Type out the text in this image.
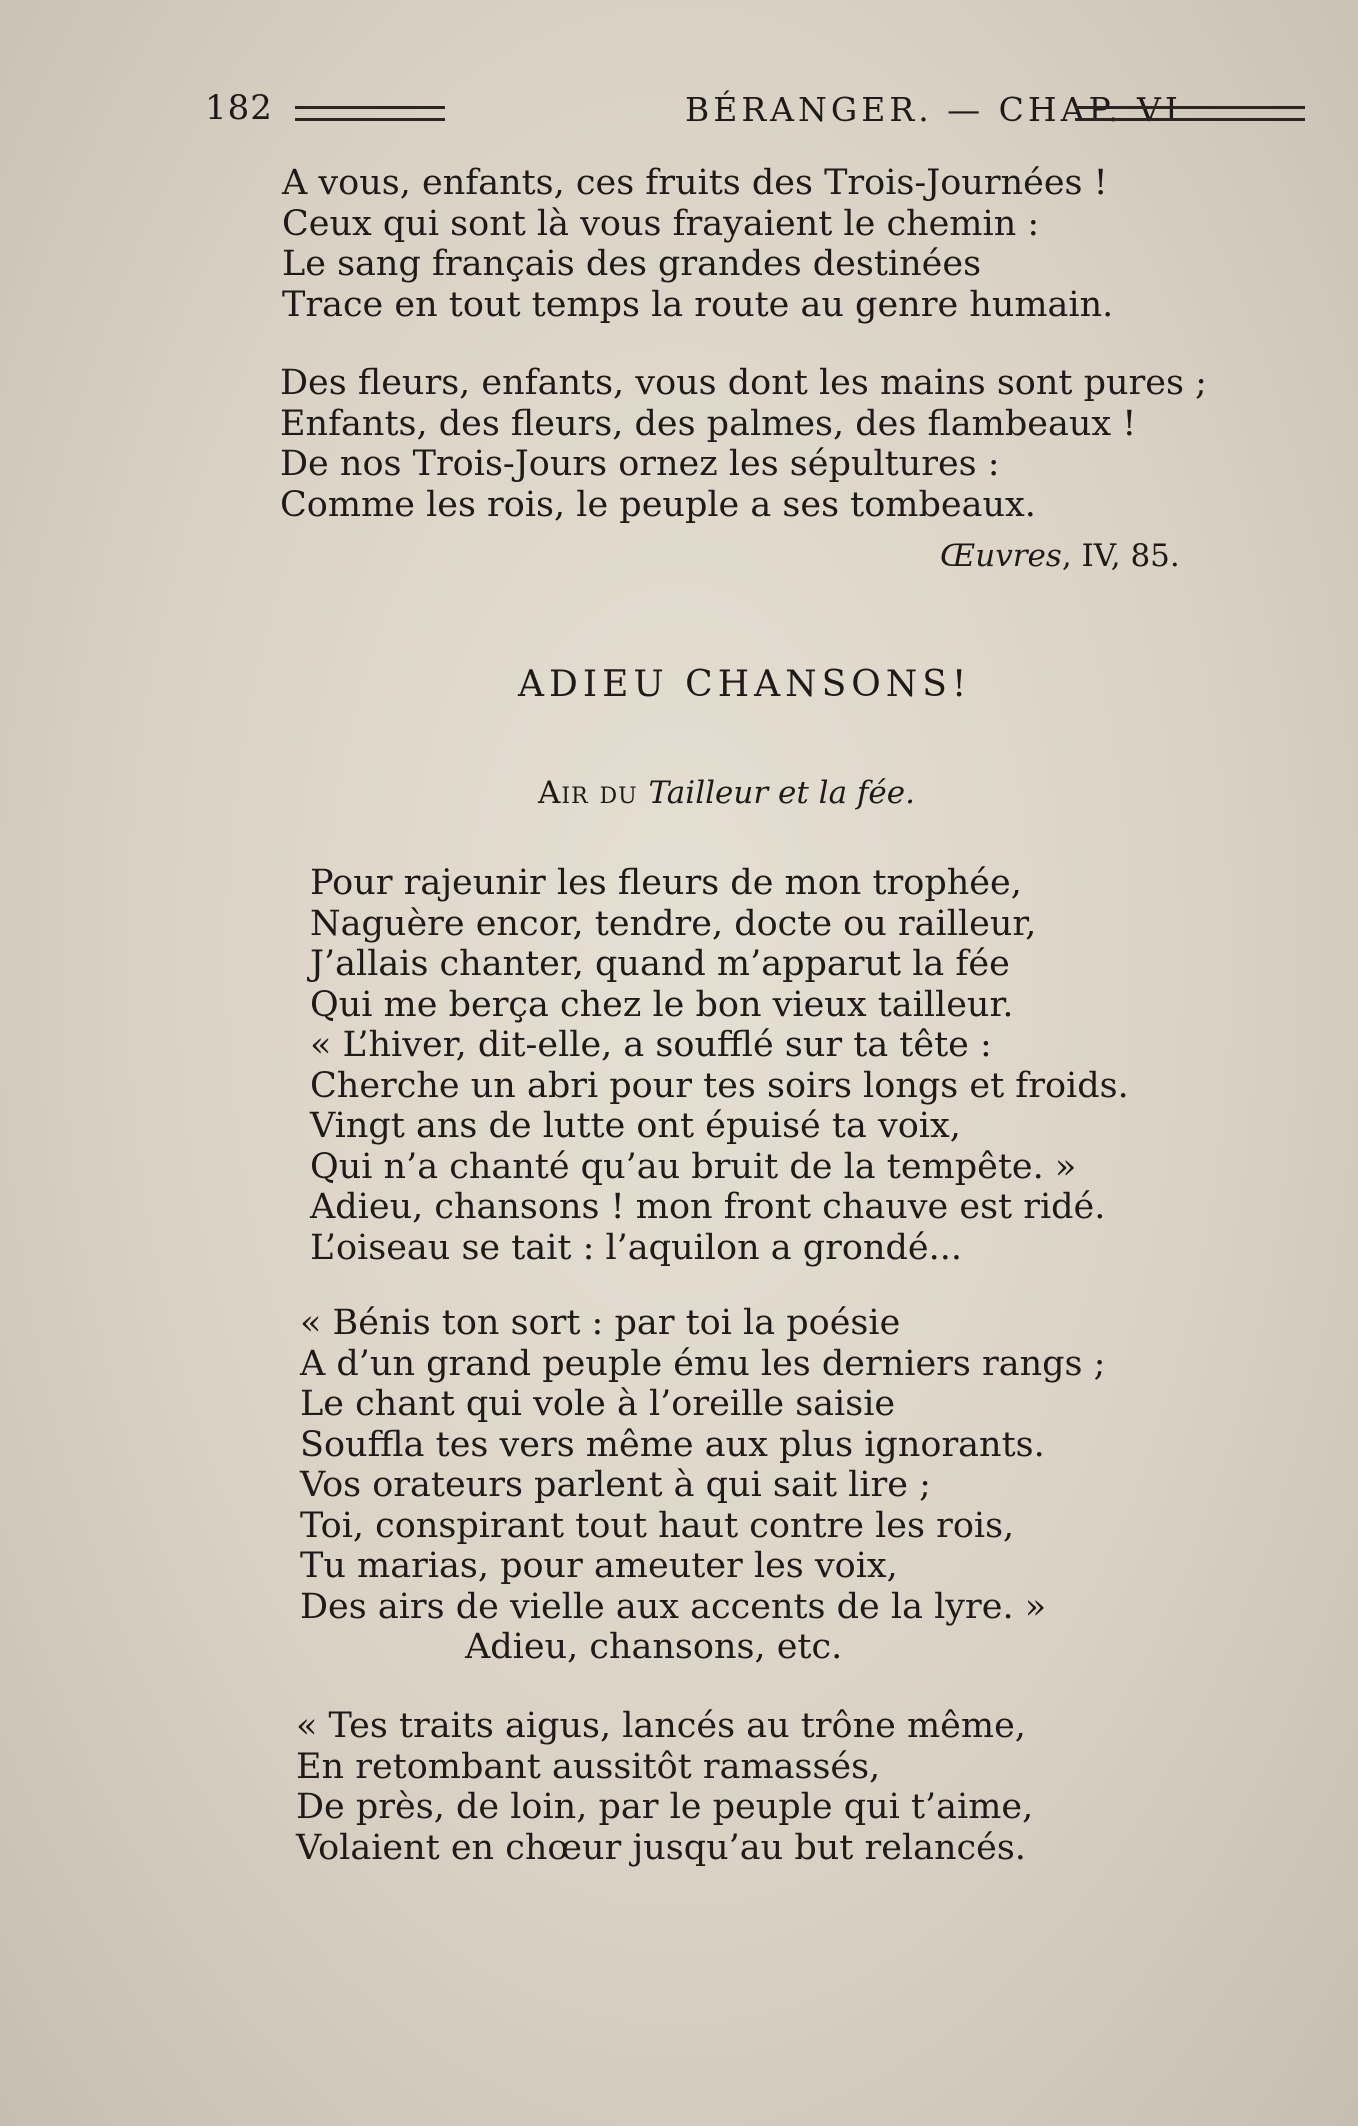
182	BÉRANGER. — CHAP. VI
A vous, enfants, ces fruits des Trois-Journées !
Ceux qui sont là vous frayaient le chemin :
Le sang français des grandes destinées
Trace en tout temps la route au genre humain.
Des fleurs, enfants, vous dont les mains sont pures ;
Enfants, des fleurs, des palmes, des flambeaux !
De nos Trois-Jours ornez les sépultures :
Comme les rois, le peuple a ses tombeaux.
Œuvres, IV, 85.
ADIEU CHANSONS!
Air du Tailleur et la fée.
Pour rajeunir les fleurs de mon trophée,
Naguère encor, tendre, docte ou railleur,
J’allais chanter, quand m’apparut la fée
Qui me berça chez le bon vieux tailleur.
« L’hiver, dit-elle, a soufflé sur ta tête :
Cherche un abri pour tes soirs longs et froids.
Vingt ans de lutte ont épuisé ta voix,
Qui n’a chanté qu’au bruit de la tempête. »
Adieu, chansons ! mon front chauve est ridé.
L’oiseau se tait : l’aquilon a grondé...
« Bénis ton sort : par toi la poésie
A d’un grand peuple ému les derniers rangs ;
Le chant qui vole à l’oreille saisie
Souffla tes vers même aux plus ignorants.
Vos orateurs parlent à qui sait lire ;
Toi, conspirant tout haut contre les rois,
Tu marias, pour ameuter les voix,
Des airs de vielle aux accents de la lyre. »
Adieu, chansons, etc.
« Tes traits aigus, lancés au trône même,
En retombant aussitôt ramassés,
De près, de loin, par le peuple qui t’aime,
Volaient en chœur jusqu’au but relancés.
